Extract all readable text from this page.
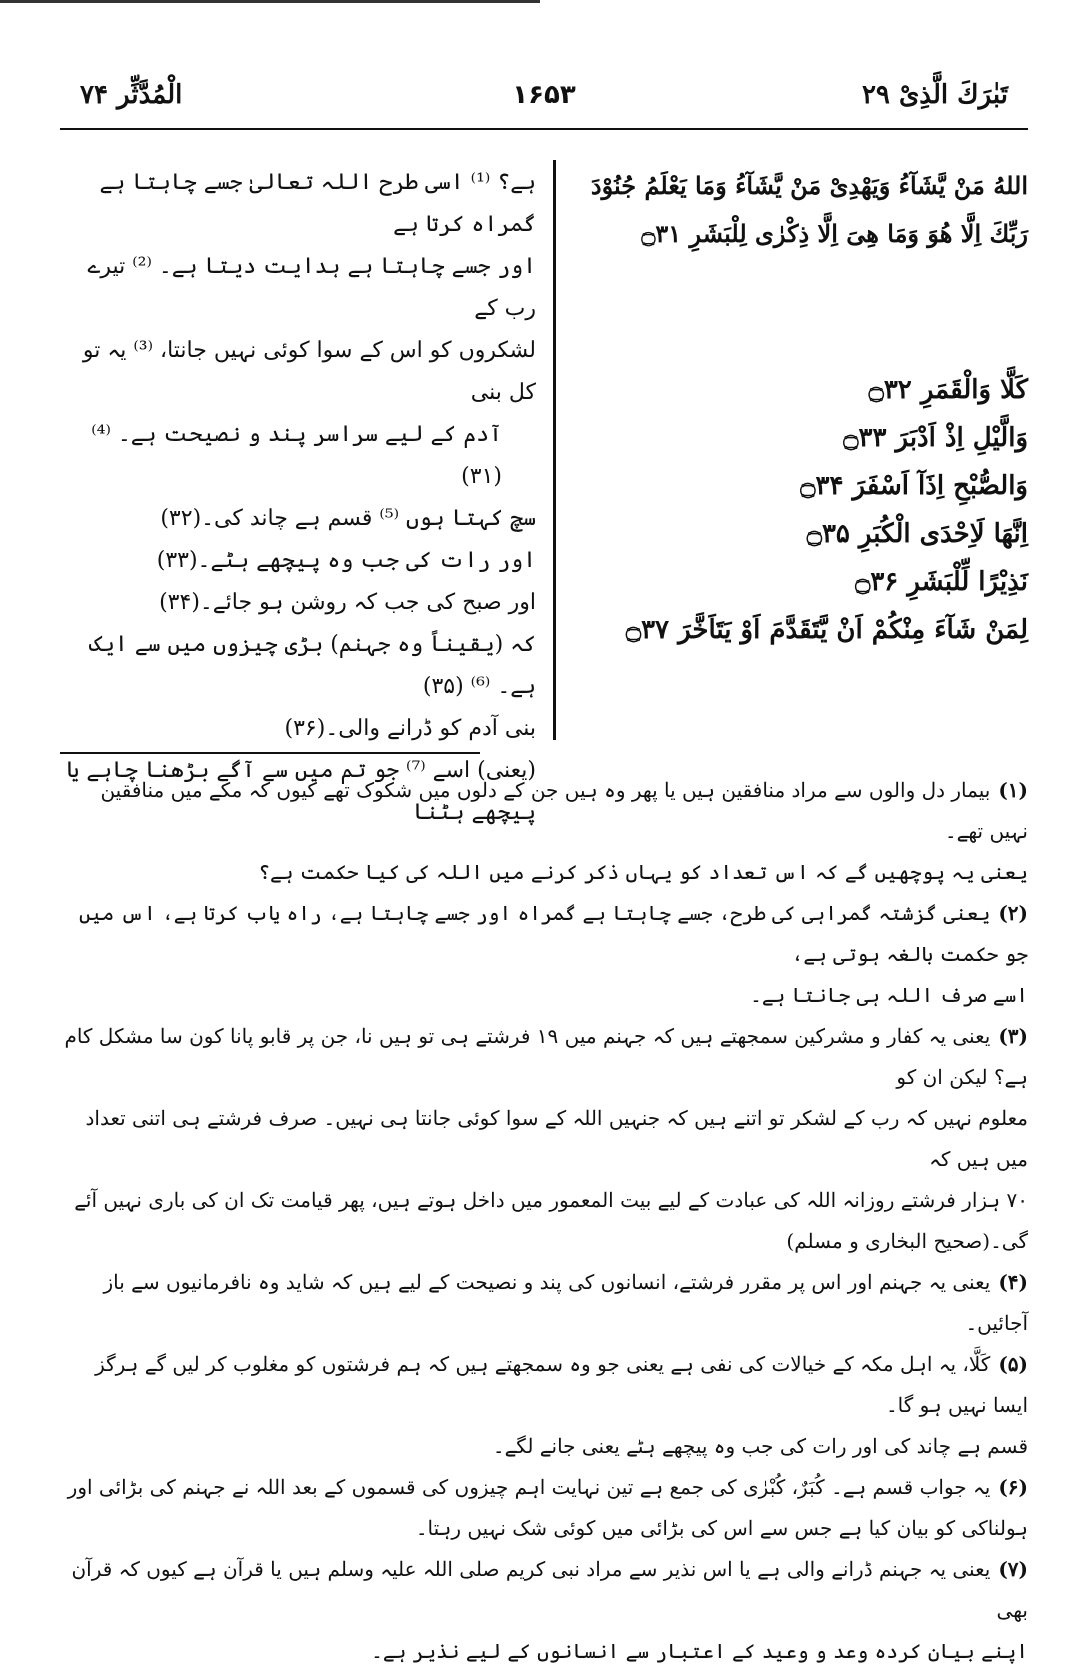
تَبٰرَكَ الَّذِیْ ۲۹
۱۶۵۳
الْمُدَّثِّر ۷۴
اللهُ مَنْ يَّشَآءُ وَيَهْدِیْ مَنْ يَّشَآءُ وَمَا يَعْلَمُ جُنُوْدَ
رَبِّكَ اِلَّا هُوَ وَمَا هِیَ اِلَّا ذِكْرٰی لِلْبَشَرِ ۝۳۱
كَلَّا وَالْقَمَرِ ۝۳۲
وَالَّيْلِ اِذْ اَدْبَرَ ۝۳۳
وَالصُّبْحِ اِذَآ اَسْفَرَ ۝۳۴
اِنَّهَا لَاِحْدَی الْكُبَرِ ۝۳۵
نَذِيْرًا لِّلْبَشَرِ ۝۳۶
لِمَنْ شَآءَ مِنْكُمْ اَنْ يَّتَقَدَّمَ اَوْ يَتَاَخَّرَ ۝۳۷

ہے؟ ⁽¹⁾ اسی طرح اللہ تعالیٰ جسے چاہتا ہے گمراہ کرتا ہے

اور جسے چاہتا ہے ہدایت دیتا ہے۔ ⁽²⁾ تیرے رب کے

لشکروں کو اس کے سوا کوئی نہیں جانتا، ⁽³⁾ یہ تو کل بنی

آدم کے لیے سراسر پند و نصیحت ہے۔ ⁽⁴⁾ (۳۱)

سچ کہتا ہوں ⁽⁵⁾ قسم ہے چاند کی۔(۳۲)

اور رات کی جب وہ پیچھے ہٹے۔(۳۳)

اور صبح کی جب کہ روشن ہو جائے۔(۳۴)

کہ (یقیناً وہ جہنم) بڑی چیزوں میں سے ایک ہے۔ ⁽⁶⁾ (۳۵)

بنی آدم کو ڈرانے والی۔(۳۶)

(یعنی) اسے ⁽⁷⁾ جو تم میں سے آگے بڑھنا چاہے یا پیچھے ہٹنا

(۱)بیمار دل والوں سے مراد منافقین ہیں یا پھر وہ ہیں جن کے دلوں میں شکوک تھے کیوں کہ مکے میں منافقین نہیں تھے۔

یعنی یہ پوچھیں گے کہ اس تعداد کو یہاں ذکر کرنے میں اللہ کی کیا حکمت ہے؟

(۲)یعنی گزشتہ گمراہی کی طرح، جسے چاہتا ہے گمراہ اور جسے چاہتا ہے، راہ یاب کرتا ہے، اس میں جو حکمت بالغہ ہوتی ہے،

اسے صرف اللہ ہی جانتا ہے۔

(۳)یعنی یہ کفار و مشرکین سمجھتے ہیں کہ جہنم میں ۱۹ فرشتے ہی تو ہیں نا، جن پر قابو پانا کون سا مشکل کام ہے؟ لیکن ان کو

معلوم نہیں کہ رب کے لشکر تو اتنے ہیں کہ جنہیں اللہ کے سوا کوئی جانتا ہی نہیں۔ صرف فرشتے ہی اتنی تعداد میں ہیں کہ

۷۰ ہزار فرشتے روزانہ اللہ کی عبادت کے لیے بیت المعمور میں داخل ہوتے ہیں، پھر قیامت تک ان کی باری نہیں آئے

گی۔(صحیح البخاری و مسلم)

(۴)یعنی یہ جہنم اور اس پر مقرر فرشتے، انسانوں کی پند و نصیحت کے لیے ہیں کہ شاید وہ نافرمانیوں سے باز آجائیں۔

(۵)کَلَّا، یہ اہل مکہ کے خیالات کی نفی ہے یعنی جو وہ سمجھتے ہیں کہ ہم فرشتوں کو مغلوب کر لیں گے ہرگز ایسا نہیں ہو گا۔

قسم ہے چاند کی اور رات کی جب وہ پیچھے ہٹے یعنی جانے لگے۔

(۶)یہ جواب قسم ہے۔ کُبَرٌ، کُبْرٰی کی جمع ہے تین نہایت اہم چیزوں کی قسموں کے بعد اللہ نے جہنم کی بڑائی اور

ہولناکی کو بیان کیا ہے جس سے اس کی بڑائی میں کوئی شک نہیں رہتا۔

(۷)یعنی یہ جہنم ڈرانے والی ہے یا اس نذیر سے مراد نبی کریم صلی اللہ علیہ وسلم ہیں یا قرآن ہے کیوں کہ قرآن بھی

اپنے بیان کردہ وعد و وعید کے اعتبار سے انسانوں کے لیے نذیر ہے۔
